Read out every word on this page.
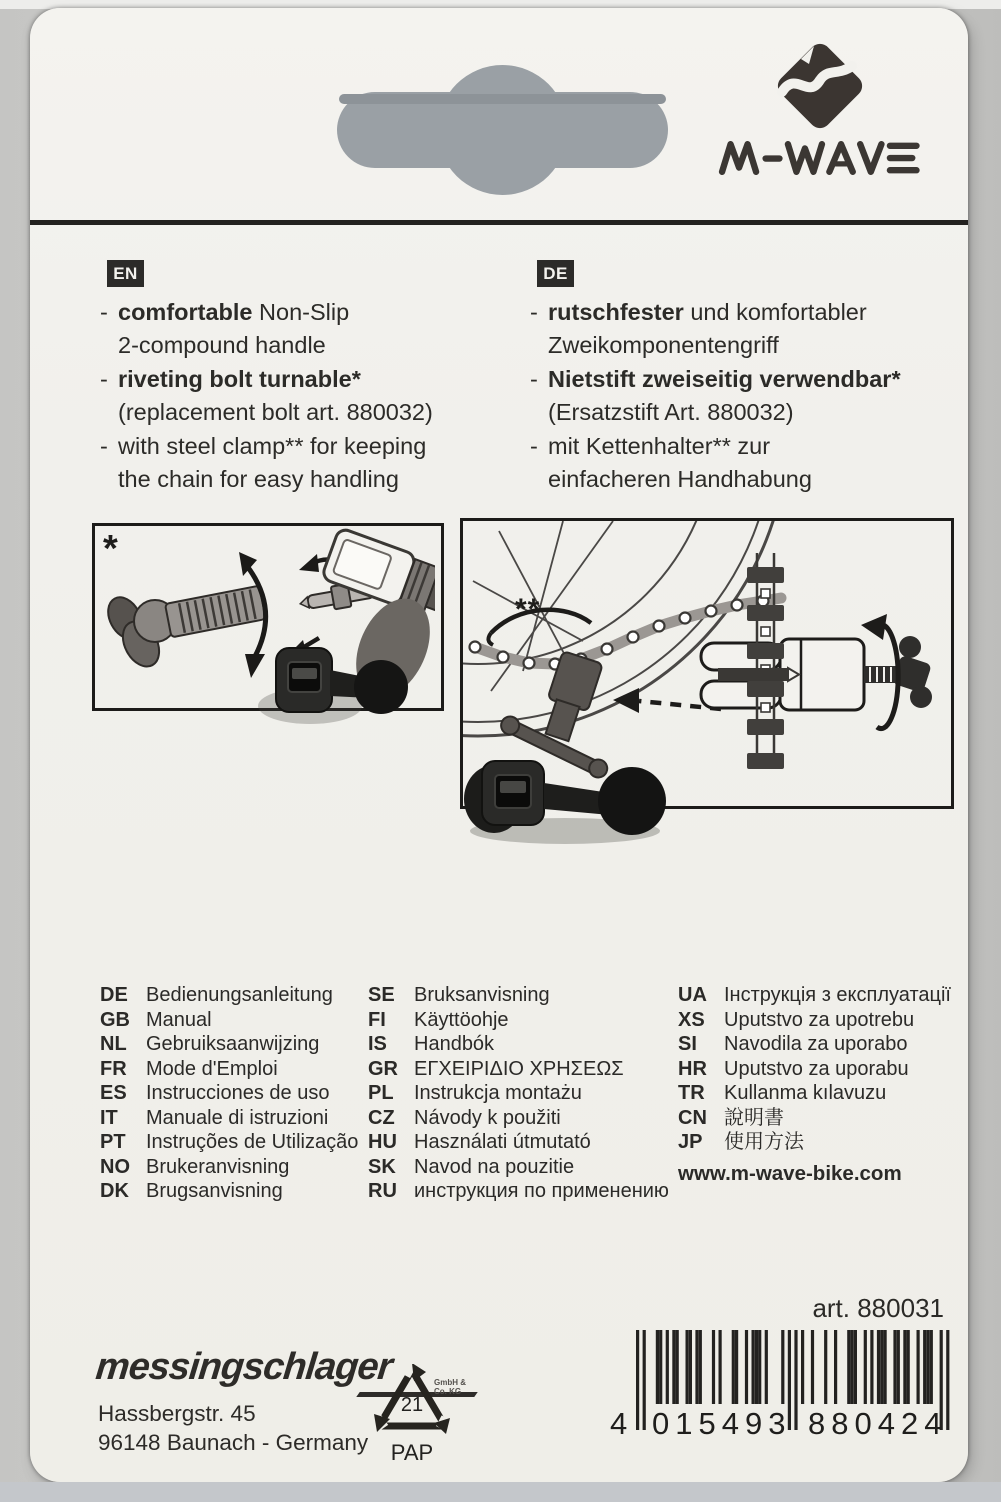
EN
- comfortable Non-Slip
2-compound handle
- riveting bolt turnable*
(replacement bolt art. 880032)
- with steel clamp** for keeping
the chain for easy handling
DE
- rutschfester und komfortabler
Zweikomponentengriff
- Nietstift zweiseitig verwendbar*
(Ersatzstift Art. 880032)
- mit Kettenhalter** zur
einfacheren Handhabung
*
**
DE Bedienungsanleitung
GB Manual
NL Gebruiksaanwijzing
FR Mode d'Emploi
ES Instrucciones de uso
IT Manuale di istruzioni
PT Instruções de Utilização
NO Brukeranvisning
DK Brugsanvisning
SE Bruksanvisning
FI Käyttöohje
IS Handbók
GR ΕΓΧΕΙΡΙΔΙΟ ΧΡΗΣΕΩΣ
PL Instrukcja montażu
CZ Návody k použiti
HU Használati útmutató
SK Navod na pouzitie
RU инструкция по применению
UA Інструкція з експлуатації
XS Uputstvo za upotrebu
SI Navodila za uporabo
HR Uputstvo za uporabu
TR Kullanma kılavuzu
CN 說明書
JP 使用方法
www.m-wave-bike.com
art. 880031
4 015493 880424
messingschlager	GmbH & Co. KG
Hassbergstr. 45
96148 Baunach - Germany
21
PAP
